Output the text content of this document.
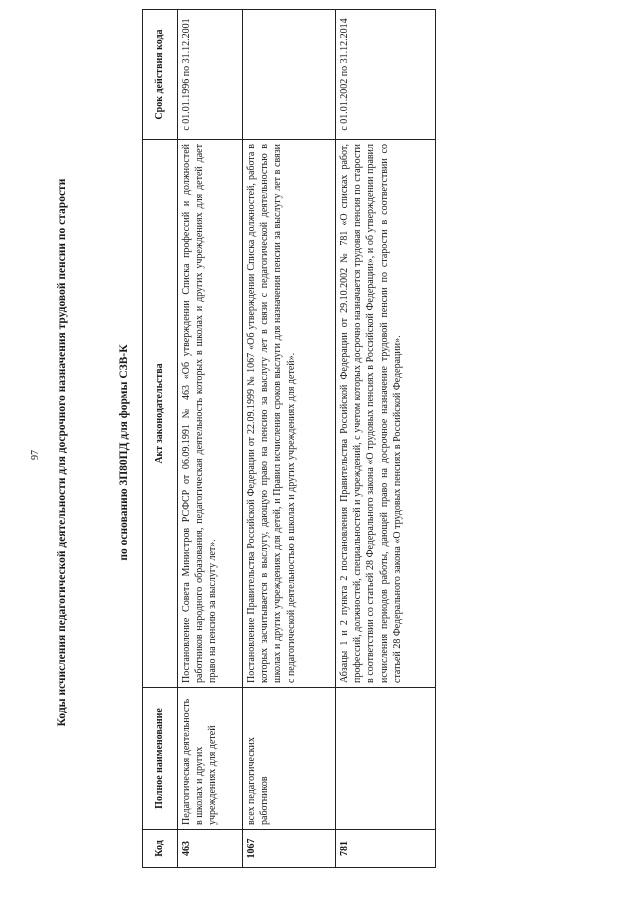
97 Коды исчисления педагогической деятельности для досрочного назначения трудовой пенсии по старости	по основанию 3П80ПД для формы СЗВ-К
Код	Полное наименование	Акт законодательства	Срок действия кода
463	Педагогическая деятельность в школах и других учреждениях для детей	Постановление Совета Министров РСФСР от 06.09.1991 № 463 «Об утверждении Списка профессий и должностей работников народного образования, педагогическая деятельность которых в школах и других учреждениях для детей дает право на пенсию за выслугу лет».	с 01.01.1996 по 31.12.2001
1067	всех педагогических работников	Постановление Правительства Российской Федерации от 22.09.1999 № 1067 «Об утверждении Списка должностей, работа в которых засчитывается в выслугу, дающую право на пенсию за выслугу лет в связи с педагогической деятельностью в школах и других учреждениях для детей, и Правил исчисления сроков выслуги для назначения пенсии за выслугу лет в связи с педагогической деятельностью в школах и других учреждениях для детей».	
781		Абзацы 1 и 2 пункта 2 постановления Правительства Российской Федерации от 29.10.2002 № 781 «О списках работ, профессий, должностей, специальностей и учреждений, с учетом которых досрочно назначается трудовая пенсия по старости в соответствии со статьей 28 Федерального закона «О трудовых пенсиях в Российской Федерации», и об утверждении правил исчисления периодов работы, дающей право на досрочное назначение трудовой пенсии по старости в соответствии со статьей 28 Федерального закона «О трудовых пенсиях в Российской Федерации».	с 01.01.2002 по 31.12.2014
